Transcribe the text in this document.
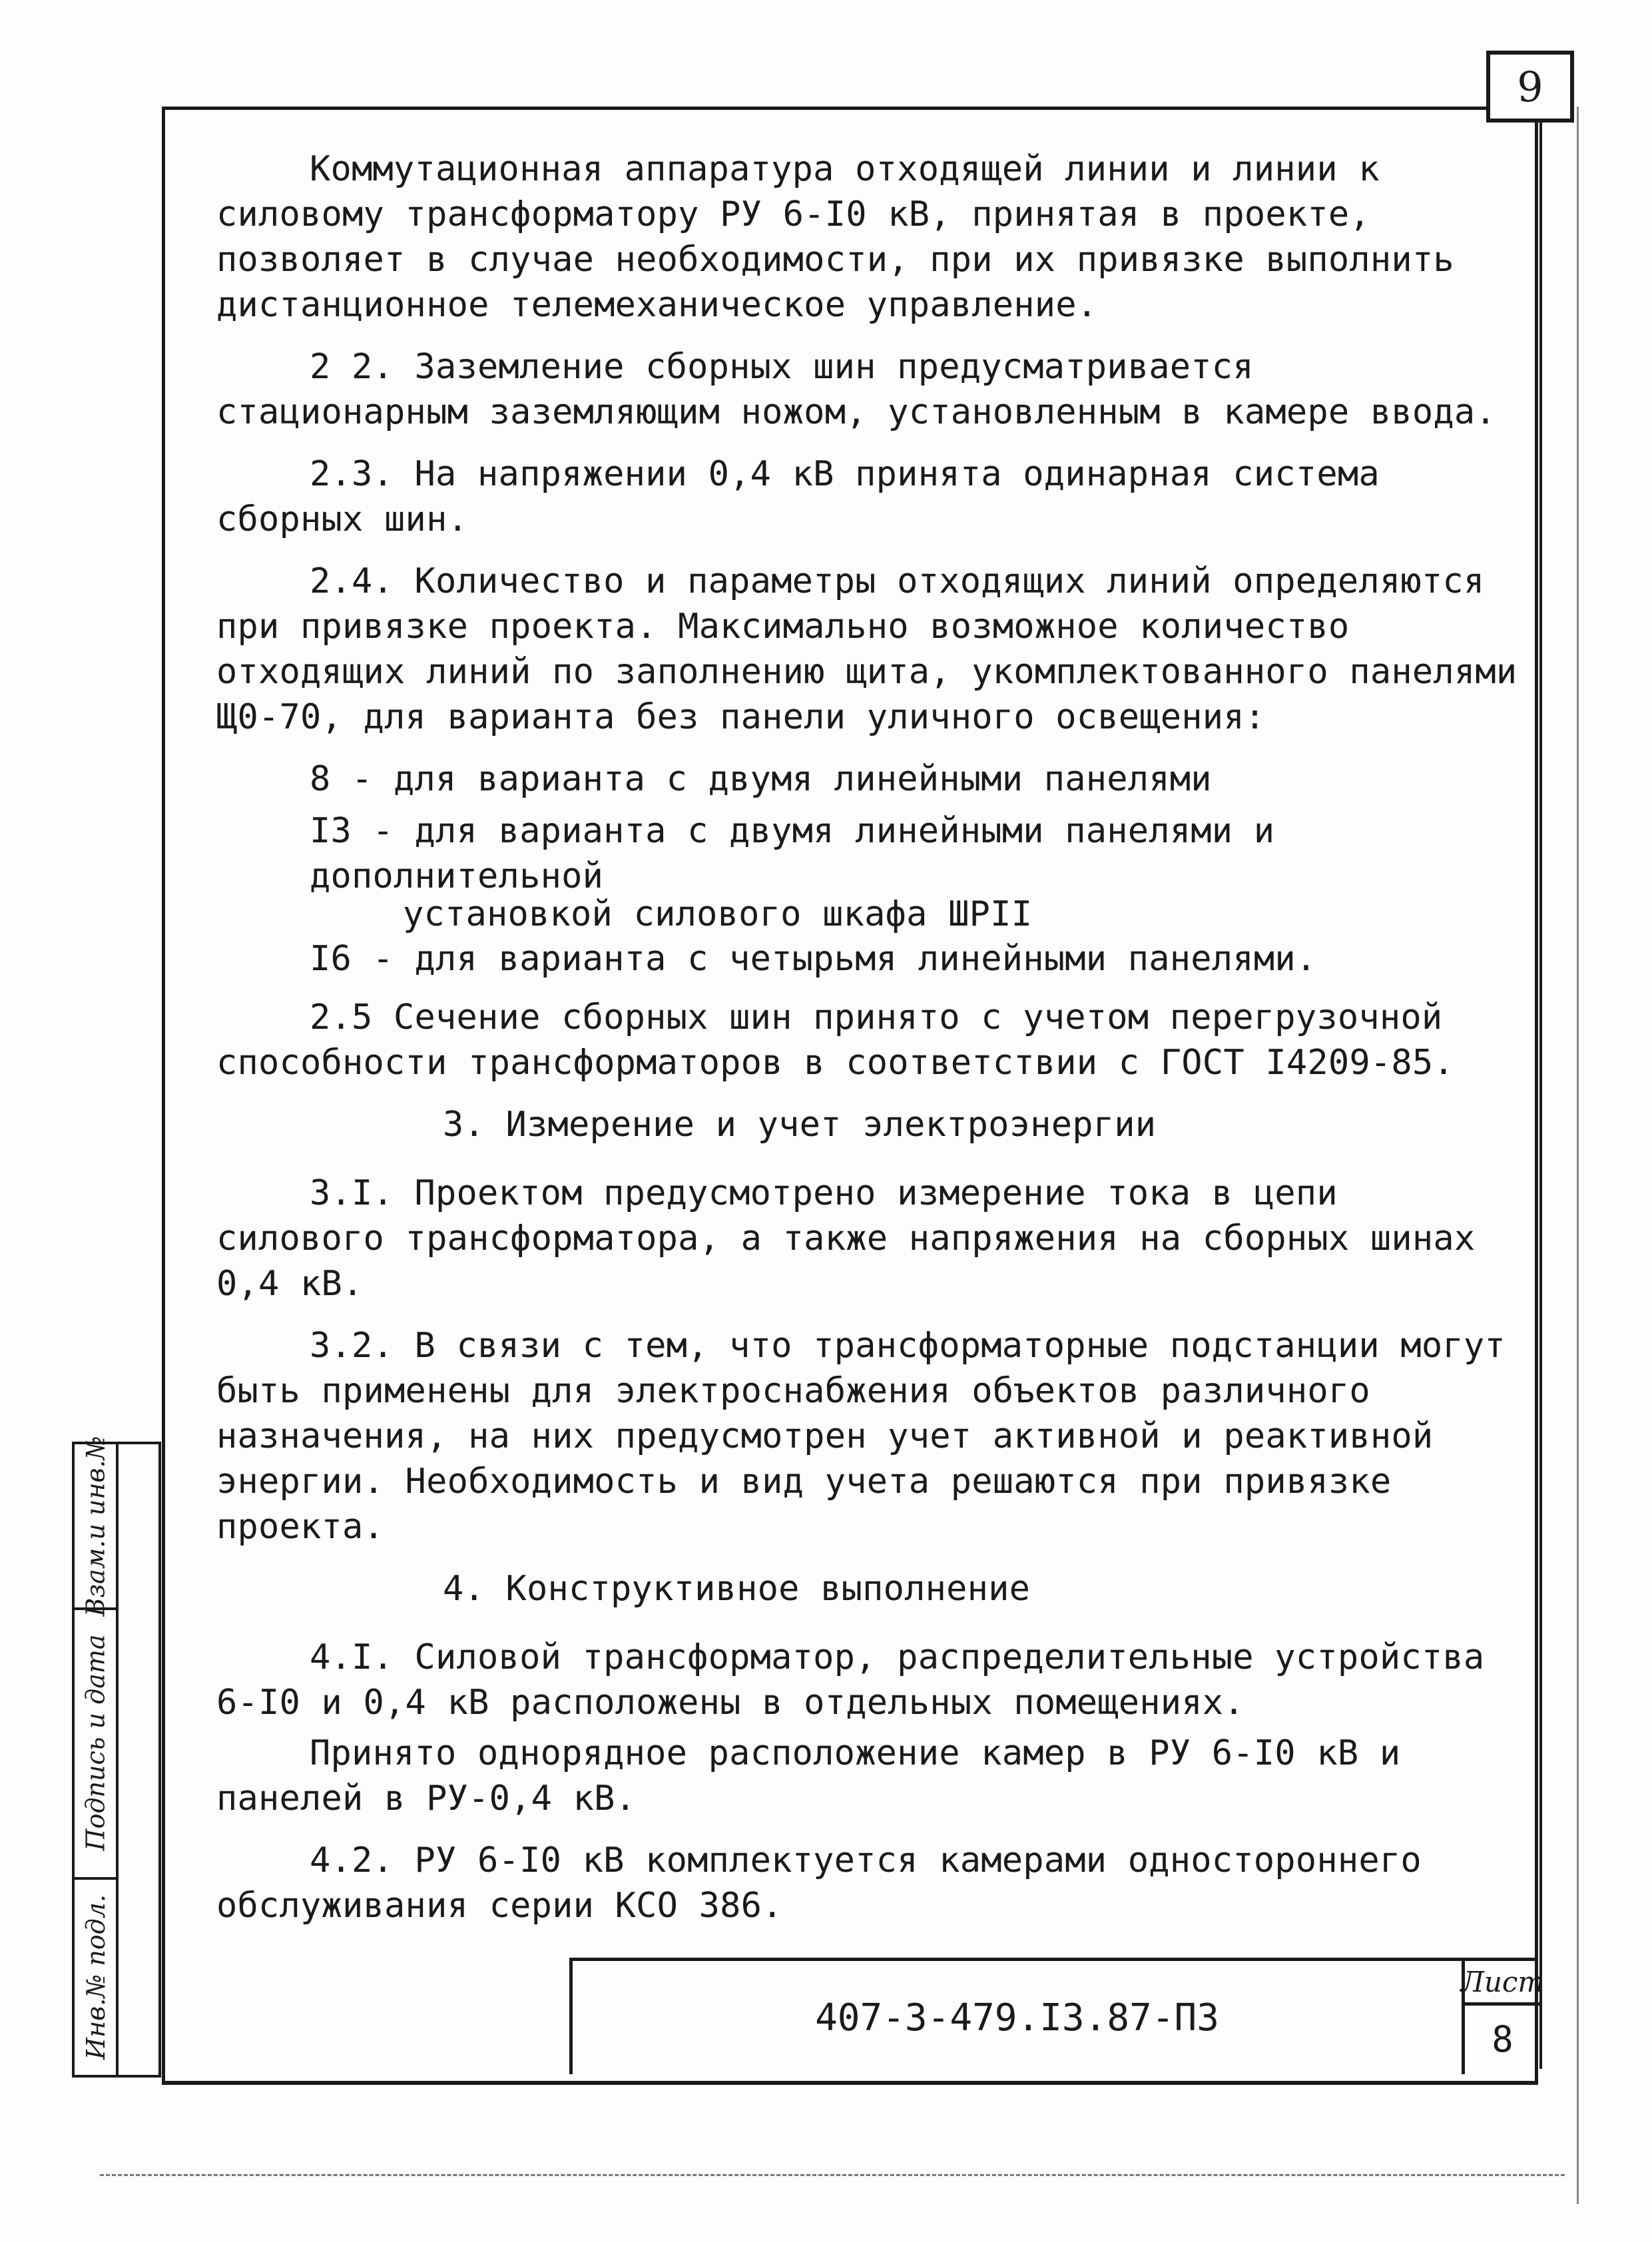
9

Коммутационная аппаратура отходящей линии и линии к силовому трансформатору РУ 6-I0 кВ, принятая в проекте, позволяет в случае необходимости, при их привязке выполнить дистанционное телемеханическое управление.

2 2. Заземление сборных шин предусматривается стационарным заземляющим ножом, установленным в камере ввода.

2.3. На напряжении 0,4 кВ принята одинарная система сборных шин.

2.4. Количество и параметры отходящих линий определяются при привязке проекта. Максимально возможное количество отходящих линий по заполнению щита, укомплектованного панелями Щ0-70, для варианта без панели уличного освещения:

8 - для варианта с двумя линейными панелями

I3 - для варианта с двумя линейными панелями и дополнительной
установкой силового шкафа ШРII

I6 - для варианта с четырьмя линейными панелями.

2.5 Сечение сборных шин принято с учетом перегрузочной способности трансформаторов в соответствии с ГОСТ I4209-85.

3. Измерение и учет электроэнергии

3.I. Проектом предусмотрено измерение тока в цепи силового трансформатора, а также напряжения на сборных шинах 0,4 кВ.

3.2. В связи с тем, что трансформаторные подстанции могут быть применены для электроснабжения объектов различного назначения, на них предусмотрен учет активной и реактивной энергии. Необходимость и вид учета решаются при привязке проекта.

4. Конструктивное выполнение

4.I. Силовой трансформатор, распределительные устройства 6-I0 и 0,4 кВ расположены в отдельных помещениях.

Принято однорядное расположение камер в РУ 6-I0 кВ и панелей в РУ-0,4 кВ.

4.2. РУ 6-I0 кВ комплектуется камерами одностороннего обслуживания серии КСО 386.

Взам.и инв.№
Подпись и дата
Инв.№ подл.	407-3-479.I3.87-ПЗ
Лист
8
